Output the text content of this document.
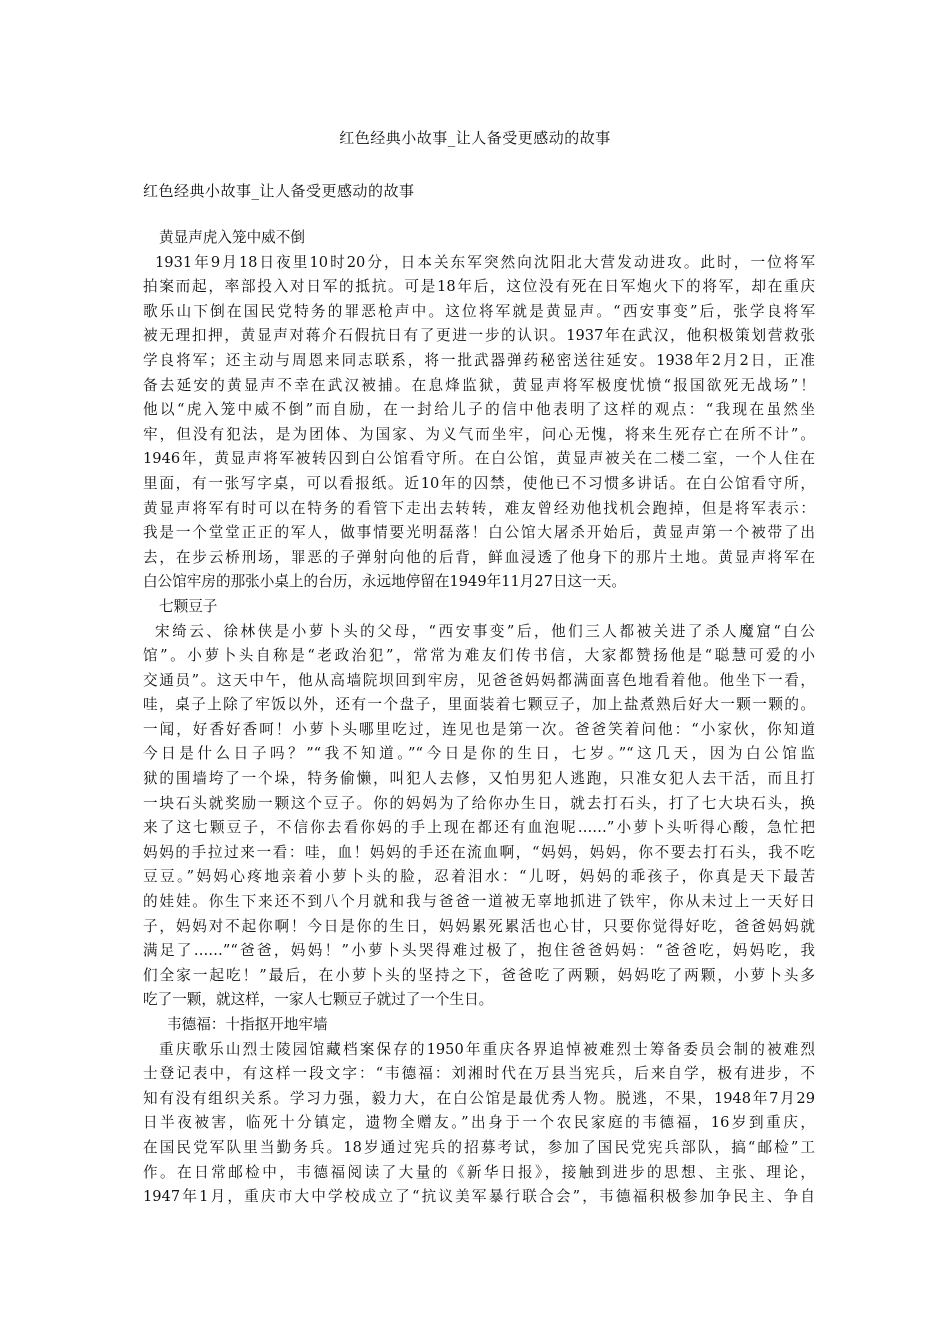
红色经典小故事_让人备受更感动的故事
红色经典小故事_让人备受更感动的故事
黄显声虎入笼中威不倒
1931年9月18日夜里10时20分，日本关东军突然向沈阳北大营发动进攻。此时，一位将军
拍案而起，率部投入对日军的抵抗。可是18年后，这位没有死在日军炮火下的将军，却在重庆
歌乐山下倒在国民党特务的罪恶枪声中。这位将军就是黄显声。“西安事变”后，张学良将军
被无理扣押，黄显声对蒋介石假抗日有了更进一步的认识。1937年在武汉，他积极策划营救张
学良将军；还主动与周恩来同志联系，将一批武器弹药秘密送往延安。1938年2月2日，正准
备去延安的黄显声不幸在武汉被捕。在息烽监狱，黄显声将军极度忧愤“报国欲死无战场”！
他以“虎入笼中威不倒”而自励，在一封给儿子的信中他表明了这样的观点：“我现在虽然坐
牢，但没有犯法，是为团体、为国家、为义气而坐牢，问心无愧，将来生死存亡在所不计”。
1946年，黄显声将军被转囚到白公馆看守所。在白公馆，黄显声被关在二楼二室，一个人住在
里面，有一张写字桌，可以看报纸。近10年的囚禁，使他已不习惯多讲话。在白公馆看守所，
黄显声将军有时可以在特务的看管下走出去转转，难友曾经劝他找机会跑掉，但是将军表示：
我是一个堂堂正正的军人，做事情要光明磊落！白公馆大屠杀开始后，黄显声第一个被带了出
去，在步云桥刑场，罪恶的子弹射向他的后背，鲜血浸透了他身下的那片土地。黄显声将军在
白公馆牢房的那张小桌上的台历，永远地停留在1949年11月27日这一天。
七颗豆子
宋绮云、徐林侠是小萝卜头的父母，“西安事变”后，他们三人都被关进了杀人魔窟“白公
馆”。小萝卜头自称是“老政治犯”，常常为难友们传书信，大家都赞扬他是“聪慧可爱的小
交通员”。这天中午，他从高墙院坝回到牢房，见爸爸妈妈都满面喜色地看着他。他坐下一看，
哇，桌子上除了牢饭以外，还有一个盘子，里面装着七颗豆子，加上盐煮熟后好大一颗一颗的。
一闻，好香好香呵！小萝卜头哪里吃过，连见也是第一次。爸爸笑着问他：“小家伙，你知道
今日是什么日子吗？”“我不知道。”“今日是你的生日，七岁。”“这几天，因为白公馆监
狱的围墙垮了一个垛，特务偷懒，叫犯人去修，又怕男犯人逃跑，只准女犯人去干活，而且打
一块石头就奖励一颗这个豆子。你的妈妈为了给你办生日，就去打石头，打了七大块石头，换
来了这七颗豆子，不信你去看你妈的手上现在都还有血泡呢……”小萝卜头听得心酸，急忙把
妈妈的手拉过来一看：哇，血！妈妈的手还在流血啊，“妈妈，妈妈，你不要去打石头，我不吃
豆豆。”妈妈心疼地亲着小萝卜头的脸，忍着泪水：“儿呀，妈妈的乖孩子，你真是天下最苦
的娃娃。你生下来还不到八个月就和我与爸爸一道被无辜地抓进了铁牢，你从未过上一天好日
子，妈妈对不起你啊！今日是你的生日，妈妈累死累活也心甘，只要你觉得好吃，爸爸妈妈就
满足了……”“爸爸，妈妈！”小萝卜头哭得难过极了，抱住爸爸妈妈：“爸爸吃，妈妈吃，我
们全家一起吃！”最后，在小萝卜头的坚持之下，爸爸吃了两颗，妈妈吃了两颗，小萝卜头多
吃了一颗，就这样，一家人七颗豆子就过了一个生日。
韦德福：十指抠开地牢墙
重庆歌乐山烈士陵园馆藏档案保存的1950年重庆各界追悼被难烈士筹备委员会制的被难烈
士登记表中，有这样一段文字：“韦德福：刘湘时代在万县当宪兵，后来自学，极有进步，不
知有没有组织关系。学习力强，毅力大，在白公馆是最优秀人物。脱逃，不果，1948年7月29
日半夜被害，临死十分镇定，遗物全赠友。”出身于一个农民家庭的韦德福，16岁到重庆，
在国民党军队里当勤务兵。18岁通过宪兵的招募考试，参加了国民党宪兵部队，搞“邮检”工
作。在日常邮检中，韦德福阅读了大量的《新华日报》，接触到进步的思想、主张、理论，
1947年1月，重庆市大中学校成立了“抗议美军暴行联合会”，韦德福积极参加争民主、争自
